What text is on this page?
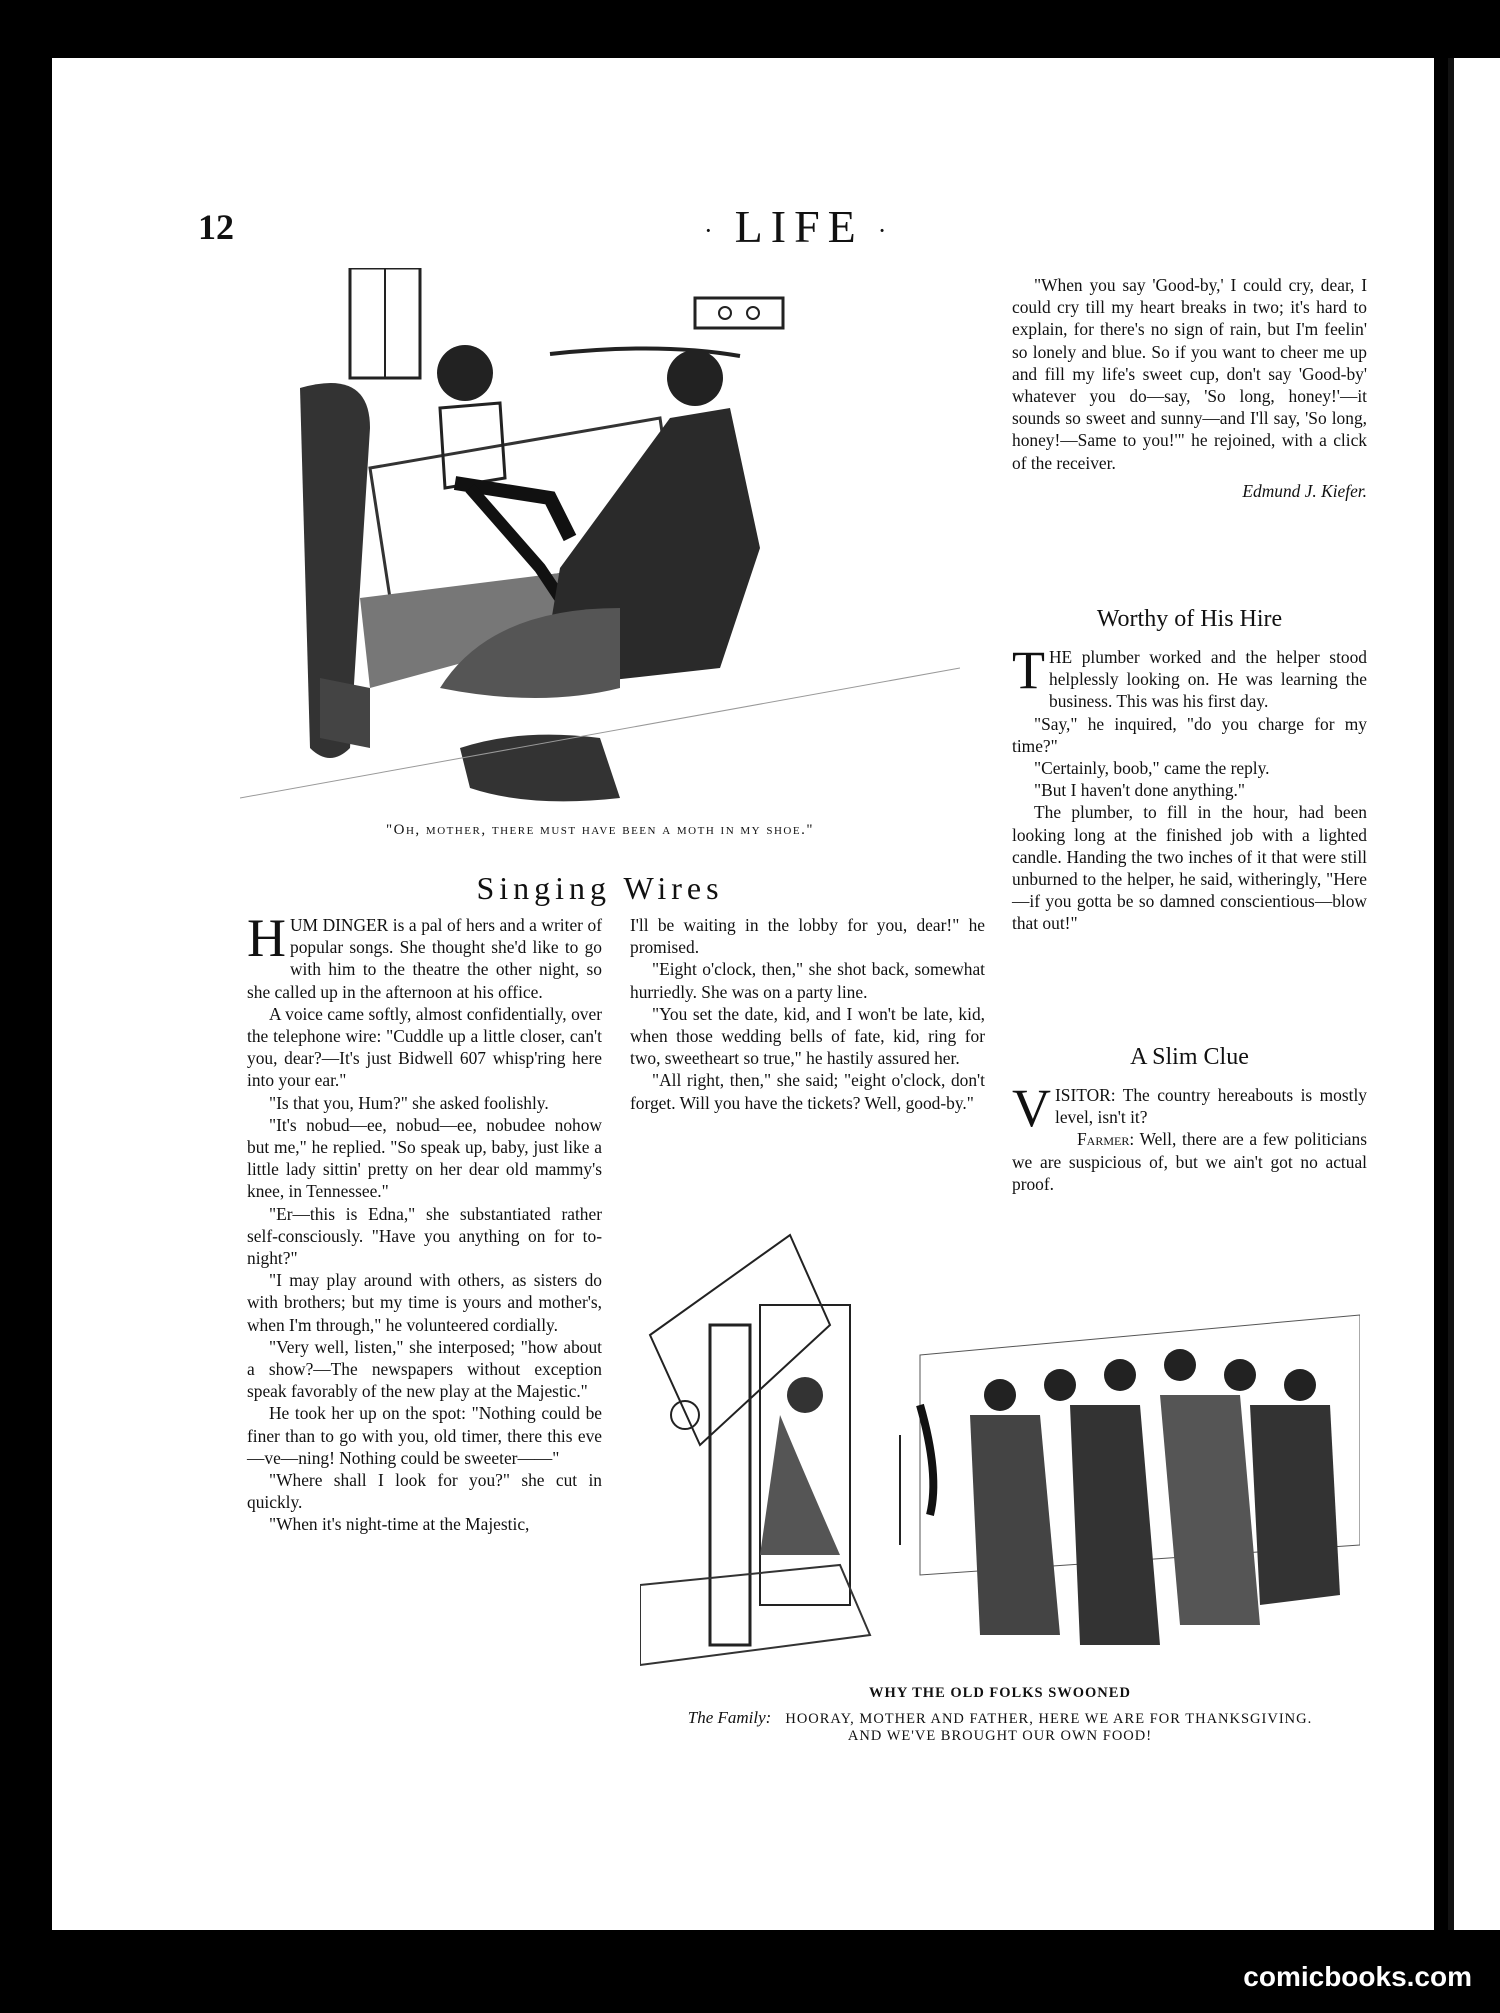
12	· LIFE ·
"Oh, mother, there must have been a moth in my shoe."
Singing Wires

HUM DINGER is a pal of hers and a writer of popular songs. She thought she'd like to go with him to the theatre the other night, so she called up in the afternoon at his office.

A voice came softly, almost confidentially, over the telephone wire: "Cuddle up a little closer, can't you, dear?—It's just Bidwell 607 whisp'ring here into your ear."

"Is that you, Hum?" she asked foolishly.

"It's nobud—ee, nobud—ee, nobudee nohow but me," he replied. "So speak up, baby, just like a little lady sittin' pretty on her dear old mammy's knee, in Tennessee."

"Er—this is Edna," she substantiated rather self-consciously. "Have you anything on for to-night?"

"I may play around with others, as sisters do with brothers; but my time is yours and mother's, when I'm through," he volunteered cordially.

"Very well, listen," she interposed; "how about a show?—The newspapers without exception speak favorably of the new play at the Majestic."

He took her up on the spot: "Nothing could be finer than to go with you, old timer, there this eve—ve—ning! Nothing could be sweeter——"

"Where shall I look for you?" she cut in quickly.

"When it's night-time at the Majestic,

I'll be waiting in the lobby for you, dear!" he promised.

"Eight o'clock, then," she shot back, somewhat hurriedly. She was on a party line.

"You set the date, kid, and I won't be late, kid, when those wedding bells of fate, kid, ring for two, sweetheart so true," he hastily assured her.

"All right, then," she said; "eight o'clock, don't forget. Will you have the tickets? Well, good-by."

"When you say 'Good-by,' I could cry, dear, I could cry till my heart breaks in two; it's hard to explain, for there's no sign of rain, but I'm feelin' so lonely and blue. So if you want to cheer me up and fill my life's sweet cup, don't say 'Good-by' whatever you do—say, 'So long, honey!'—it sounds so sweet and sunny—and I'll say, 'So long, honey!—Same to you!'" he rejoined, with a click of the receiver.

Edmund J. Kiefer.
Worthy of His Hire

THE plumber worked and the helper stood helplessly looking on. He was learning the business. This was his first day.

"Say," he inquired, "do you charge for my time?"

"Certainly, boob," came the reply.

"But I haven't done anything."

The plumber, to fill in the hour, had been looking long at the finished job with a lighted candle. Handing the two inches of it that were still unburned to the helper, he said, witheringly, "Here—if you gotta be so damned conscientious—blow that out!"

A Slim Clue

VISITOR: The country hereabouts is mostly level, isn't it?

Farmer: Well, there are a few politicians we are suspicious of, but we ain't got no actual proof.

WHY THE OLD FOLKS SWOONED
The Family: HOORAY, MOTHER AND FATHER, HERE WE ARE FOR THANKSGIVING.
AND WE'VE BROUGHT OUR OWN FOOD!
comicbooks.com
